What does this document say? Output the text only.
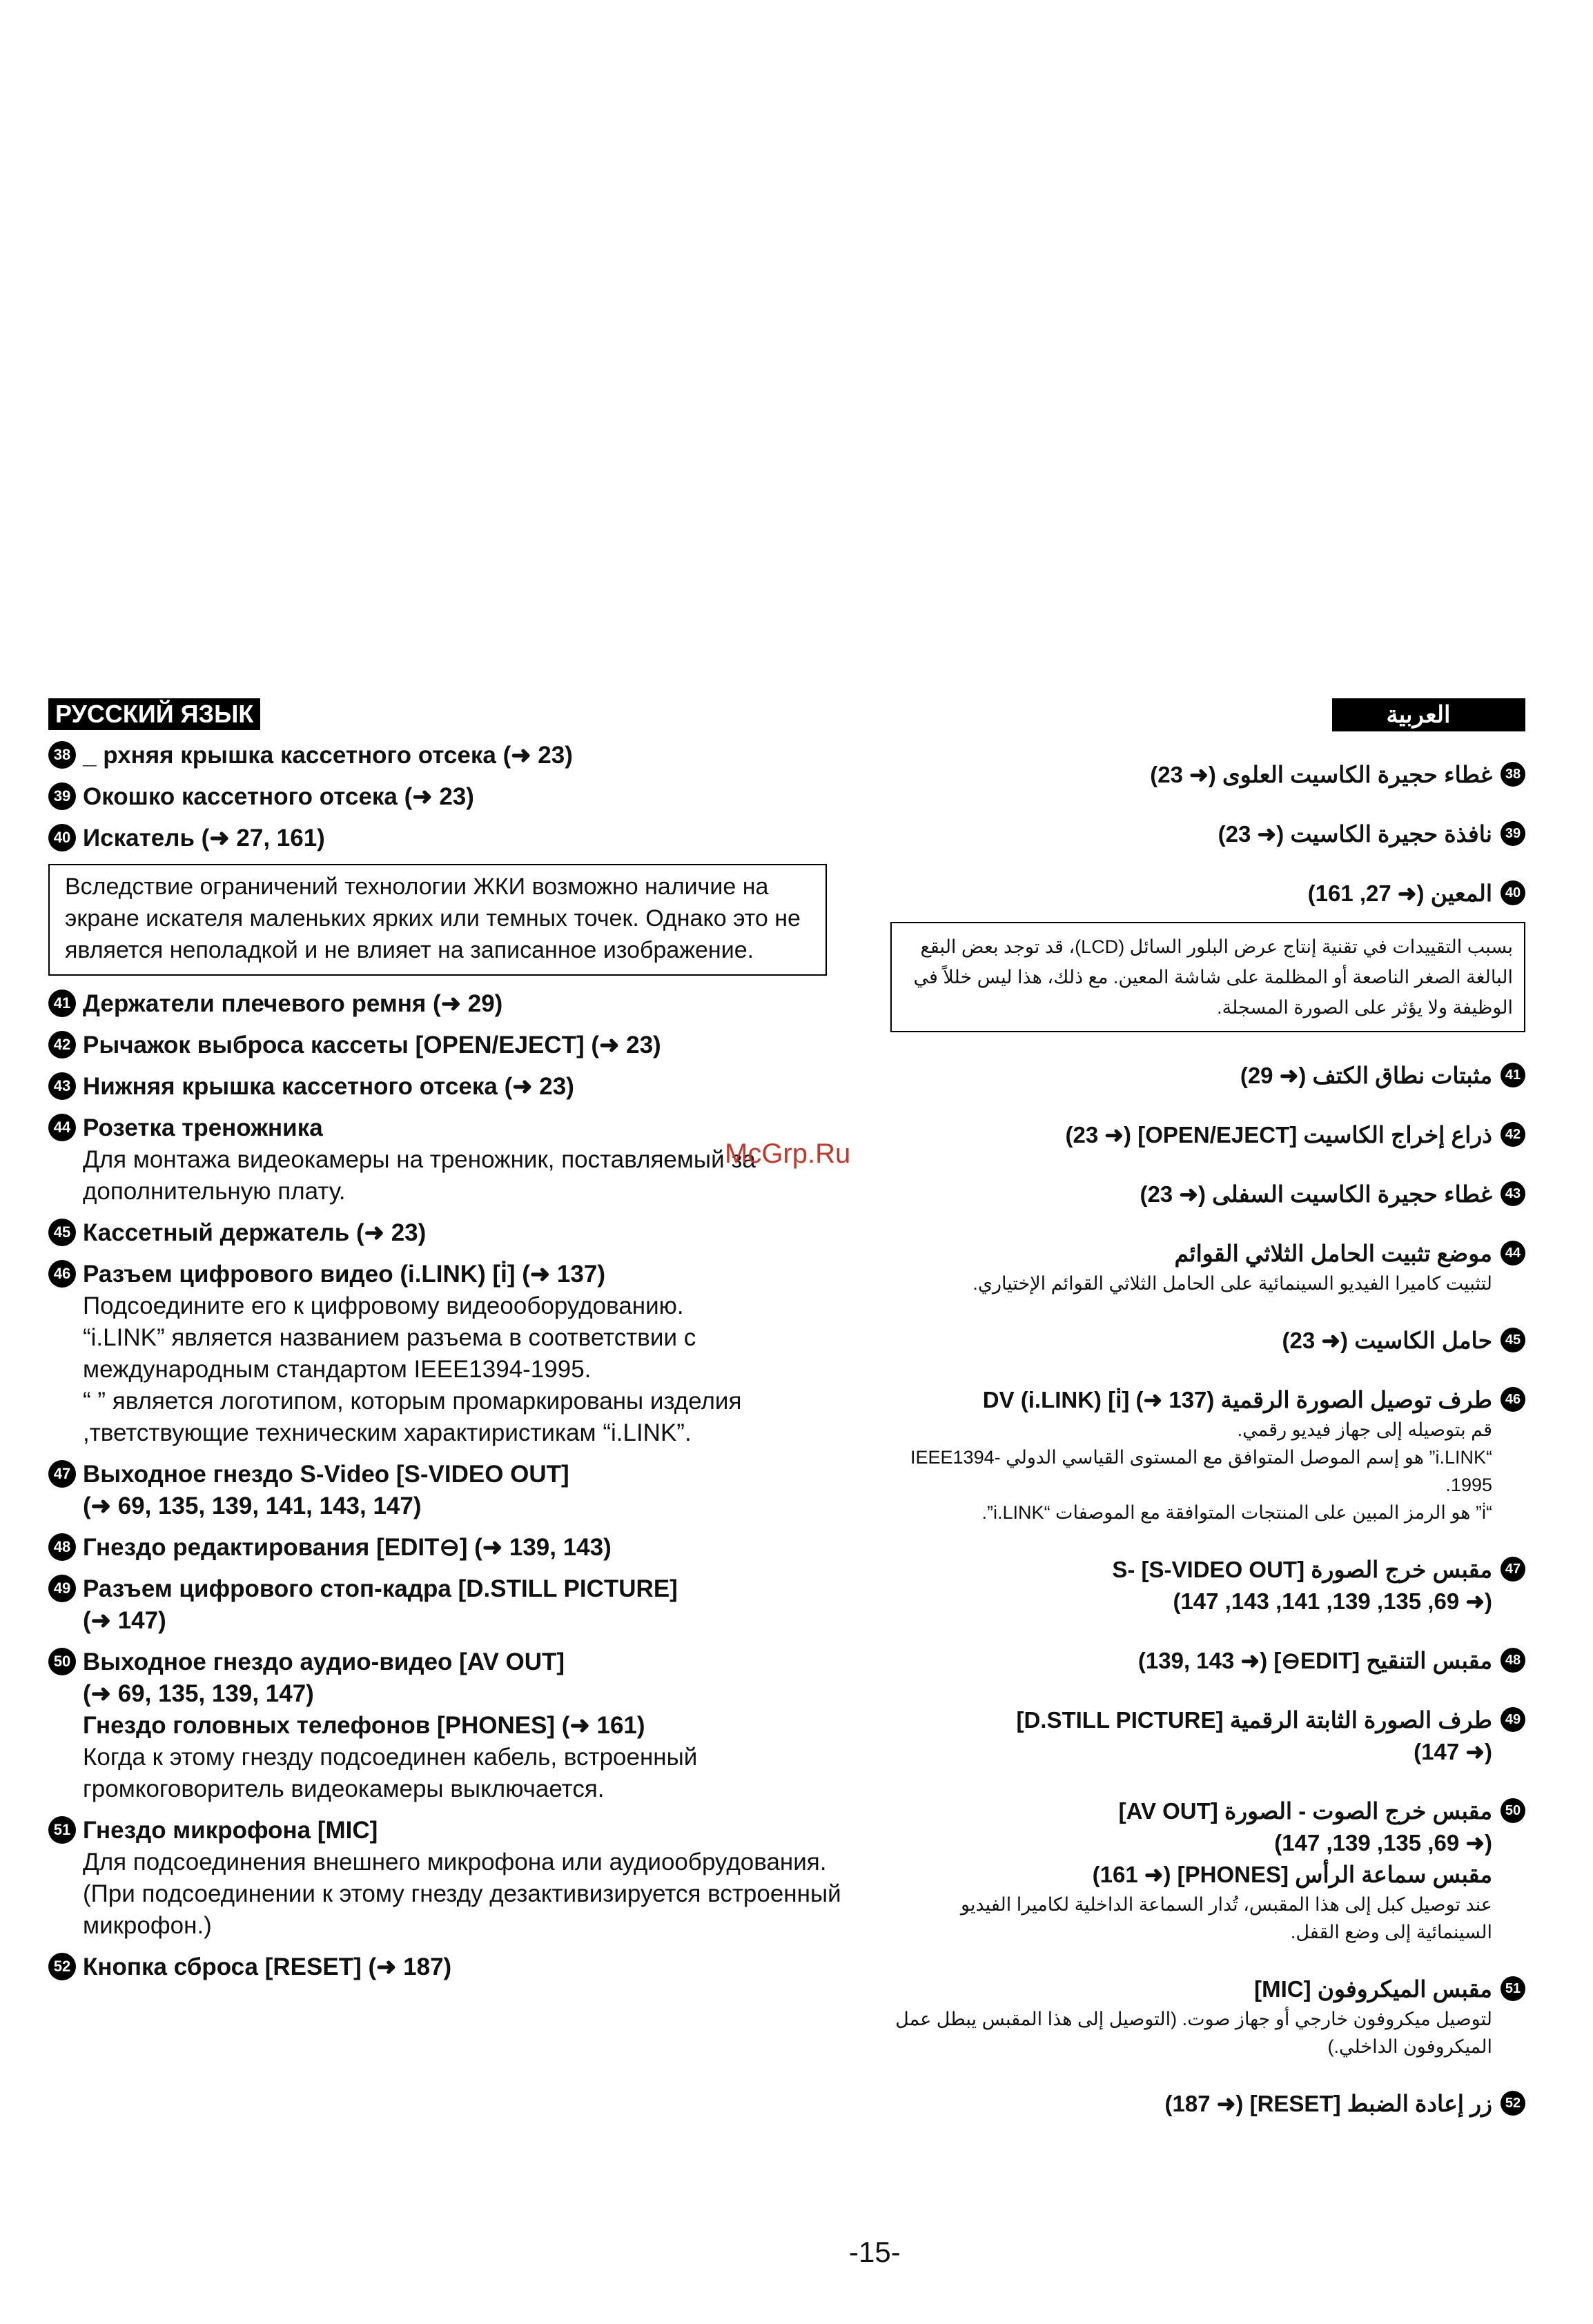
РУССКИЙ ЯЗЫК
38 _ рхняя крышка кассетного отсека (➜ 23)
39 Окошко кассетного отсека (➜ 23)
40 Искатель (➜ 27, 161)
Вследствие ограничений технологии ЖКИ возможно наличие на экране искателя маленьких ярких или темных точек. Однако это не является неполадкой и не влияет на записанное изображение.
41 Держатели плечевого ремня (➜ 29)
42 Рычажок выброса кассеты [OPEN/EJECT] (➜ 23)
43 Нижняя крышка кассетного отсека (➜ 23)
44 Розетка треножника
Для монтажа видеокамеры на треножник, поставляемый за дополнительную плату.
45 Кассетный держатель (➜ 23)
46 Разъем цифрового видео (i.LINK) [i̇] (➜ 137)
Подсоедините его к цифровому видеооборудованию.
“i.LINK” является названием разъема в соответствии с международным стандартом IEEE1394-1995.
“ ” является логотипом, которым промаркированы изделия ,тветствующие техническим характиристикам “i.LINK”.
47 Выходное гнездо S-Video [S-VIDEO OUT]
(➜ 69, 135, 139, 141, 143, 147)
48 Гнездо редактирования [EDIT⊖] (➜ 139, 143)
49 Разъем цифрового стоп-кадра [D.STILL PICTURE]
(➜ 147)
50 Выходное гнездо аудио-видео [AV OUT]
(➜ 69, 135, 139, 147)
Гнездо головных телефонов [PHONES] (➜ 161)
Когда к этому гнезду подсоединен кабель, встроенный громкоговоритель видеокамеры выключается.
51 Гнездо микрофона [MIC]
Для подсоединения внешнего микрофона или аудиообрудования.
(При подсоединении к этому гнезду дезактивизируется встроенный микрофон.)
52 Кнопка сброса [RESET] (➜ 187)
العربية
38
غطاء حجيرة الكاسيت العلوى (➜ 23)
39
نافذة حجيرة الكاسيت (➜ 23)
40
المعين (➜ 27, 161)
بسبب التقييدات في تقنية إنتاج عرض البلور السائل (LCD)، قد توجد بعض البقع البالغة الصغر الناصعة أو المظلمة على شاشة المعين. مع ذلك، هذا ليس خللاً في الوظيفة ولا يؤثر على الصورة المسجلة.
41
مثبتات نطاق الكتف (➜ 29)
42
ذراع إخراج الكاسيت [OPEN/EJECT] (➜ 23)
43
غطاء حجيرة الكاسيت السفلى (➜ 23)
44
موضع تثبيت الحامل الثلاثي القوائم
لتثبيت كاميرا الفيديو السينمائية على الحامل الثلاثي القوائم الإختياري.
45
حامل الكاسيت (➜ 23)
46
طرف توصيل الصورة الرقمية DV (i.LINK) [i̇] (➜ 137)
قم بتوصيله إلى جهاز فيديو رقمي.
“i.LINK” هو إسم الموصل المتوافق مع المستوى القياسي الدولي IEEE1394-1995.
“i̇” هو الرمز المبين على المنتجات المتوافقة مع الموصفات “i.LINK”.
47
مقبس خرج الصورة S- [S-VIDEO OUT]
(➜ 69, 135, 139, 141, 143, 147)
48
مقبس التنقيح [EDIT⊖] (➜ 139, 143)
49
طرف الصورة الثابتة الرقمية [D.STILL PICTURE]
(➜ 147)
50
مقبس خرج الصوت - الصورة [AV OUT]
(➜ 69, 135, 139, 147)
مقبس سماعة الرأس [PHONES] (➜ 161)
عند توصيل كبل إلى هذا المقبس، تُدار السماعة الداخلية لكاميرا الفيديو السينمائية إلى وضع القفل.
51
مقبس الميكروفون [MIC]
لتوصيل ميكروفون خارجي أو جهاز صوت. (التوصيل إلى هذا المقبس يبطل عمل الميكروفون الداخلي.)
52
زر إعادة الضبط [RESET] (➜ 187)
McGrp.Ru
-15-
